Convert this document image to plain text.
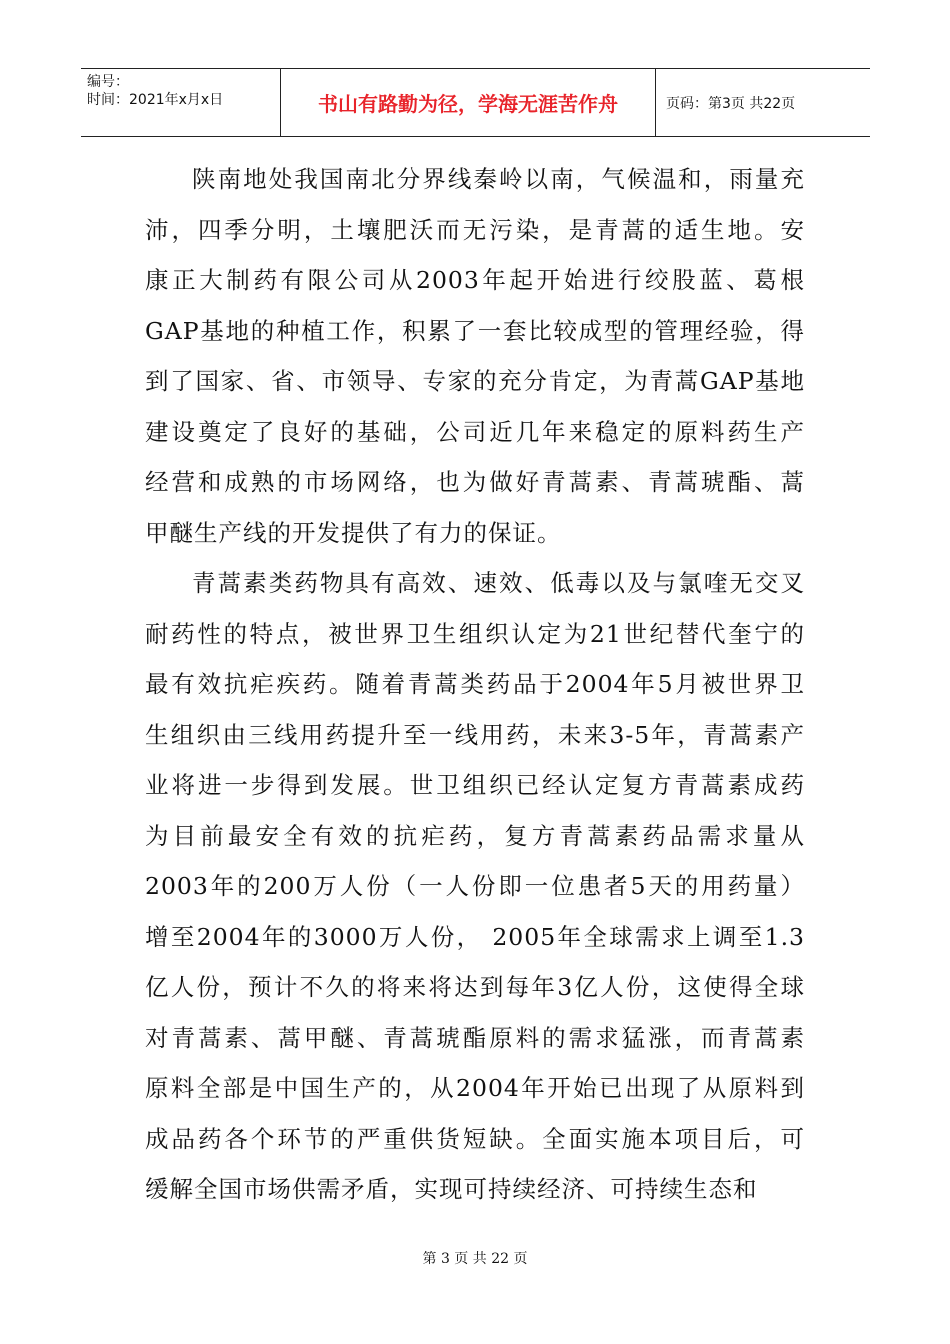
编号：
时间：2021年x月x日	书山有路勤为径，学海无涯苦作舟	页码：第3页 共22页
陕南地处我国南北分界线秦岭以南，气候温和，雨量充
沛，四季分明，土壤肥沃而无污染，是青蒿的适生地。安
康正大制药有限公司从2003年起开始进行绞股蓝、葛根
GAP基地的种植工作，积累了一套比较成型的管理经验，得
到了国家、省、市领导、专家的充分肯定，为青蒿GAP基地
建设奠定了良好的基础，公司近几年来稳定的原料药生产
经营和成熟的市场网络，也为做好青蒿素、青蒿琥酯、蒿
甲醚生产线的开发提供了有力的保证。
青蒿素类药物具有高效、速效、低毒以及与氯喹无交叉
耐药性的特点，被世界卫生组织认定为21世纪替代奎宁的
最有效抗疟疾药。随着青蒿类药品于2004年5月被世界卫
生组织由三线用药提升至一线用药，未来3-5年，青蒿素产
业将进一步得到发展。世卫组织已经认定复方青蒿素成药
为目前最安全有效的抗疟药，复方青蒿素药品需求量从
2003年的200万人份（一人份即一位患者5天的用药量）
增至2004年的3000万人份， 2005年全球需求上调至1.3
亿人份，预计不久的将来将达到每年3亿人份，这使得全球
对青蒿素、蒿甲醚、青蒿琥酯原料的需求猛涨，而青蒿素
原料全部是中国生产的，从2004年开始已出现了从原料到
成品药各个环节的严重供货短缺。全面实施本项目后，可
缓解全国市场供需矛盾，实现可持续经济、可持续生态和
第 3 页 共 22 页
